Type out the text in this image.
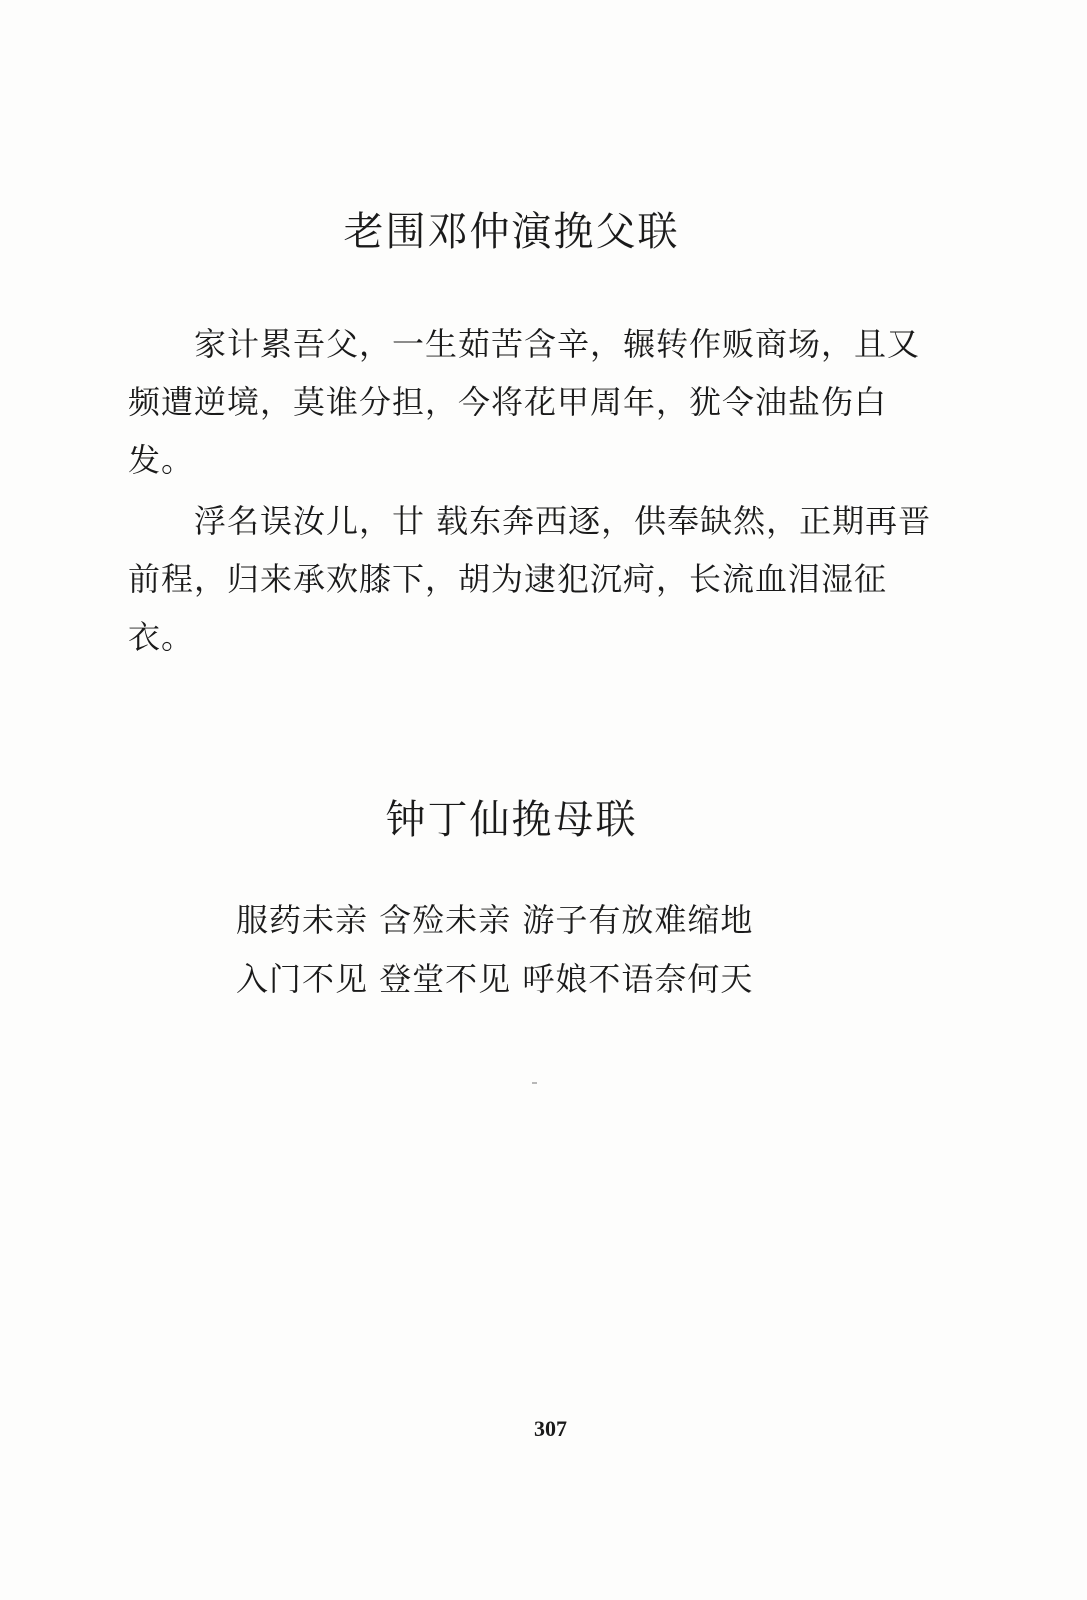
老围邓仲演挽父联

家计累吾父，一生茹苦含辛，辗转作贩商场，且又频遭逆境，莫谁分担，今将花甲周年，犹令油盐伤白发。

浮名误汝儿，廿 载东奔西逐，供奉缺然，正期再晋前程，归来承欢膝下，胡为逮犯沉疴，长流血泪湿征衣。

钟丁仙挽母联
服药未亲 含殓未亲 游子有放难缩地
入门不见 登堂不见 呼娘不语奈何天
307
